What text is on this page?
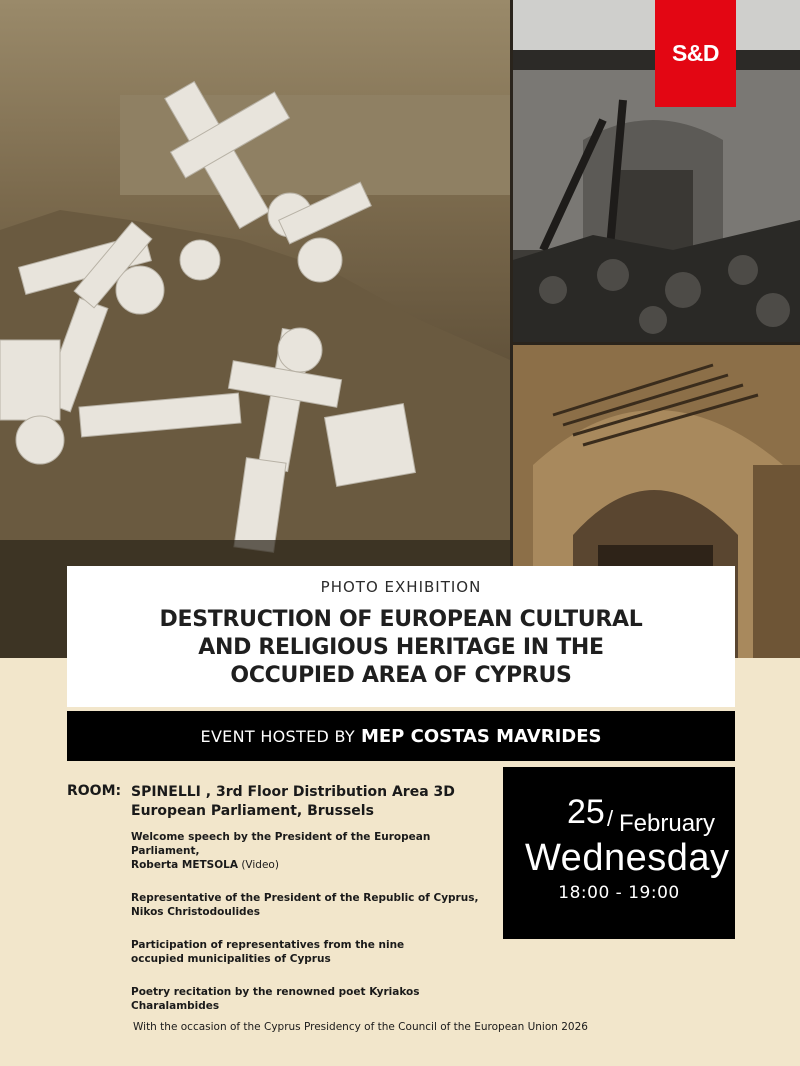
S&D
PHOTO EXHIBITION
DESTRUCTION OF EUROPEAN CULTURAL
AND RELIGIOUS HERITAGE IN THE
OCCUPIED AREA OF CYPRUS
EVENT HOSTED BY MEP COSTAS MAVRIDES
ROOM: SPINELLI , 3rd Floor Distribution Area 3D
European Parliament, Brussels
Welcome speech by the President of the European Parliament,
Roberta METSOLA (Video)
Representative of the President of the Republic of Cyprus,
Nikos Christodoulides
Participation of representatives from the nine
occupied municipalities of Cyprus
Poetry recitation by the renowned poet Kyriakos
Charalambides
25 / February
Wednesday
18:00 - 19:00
With the occasion of the Cyprus Presidency of the Council of the European Union 2026
